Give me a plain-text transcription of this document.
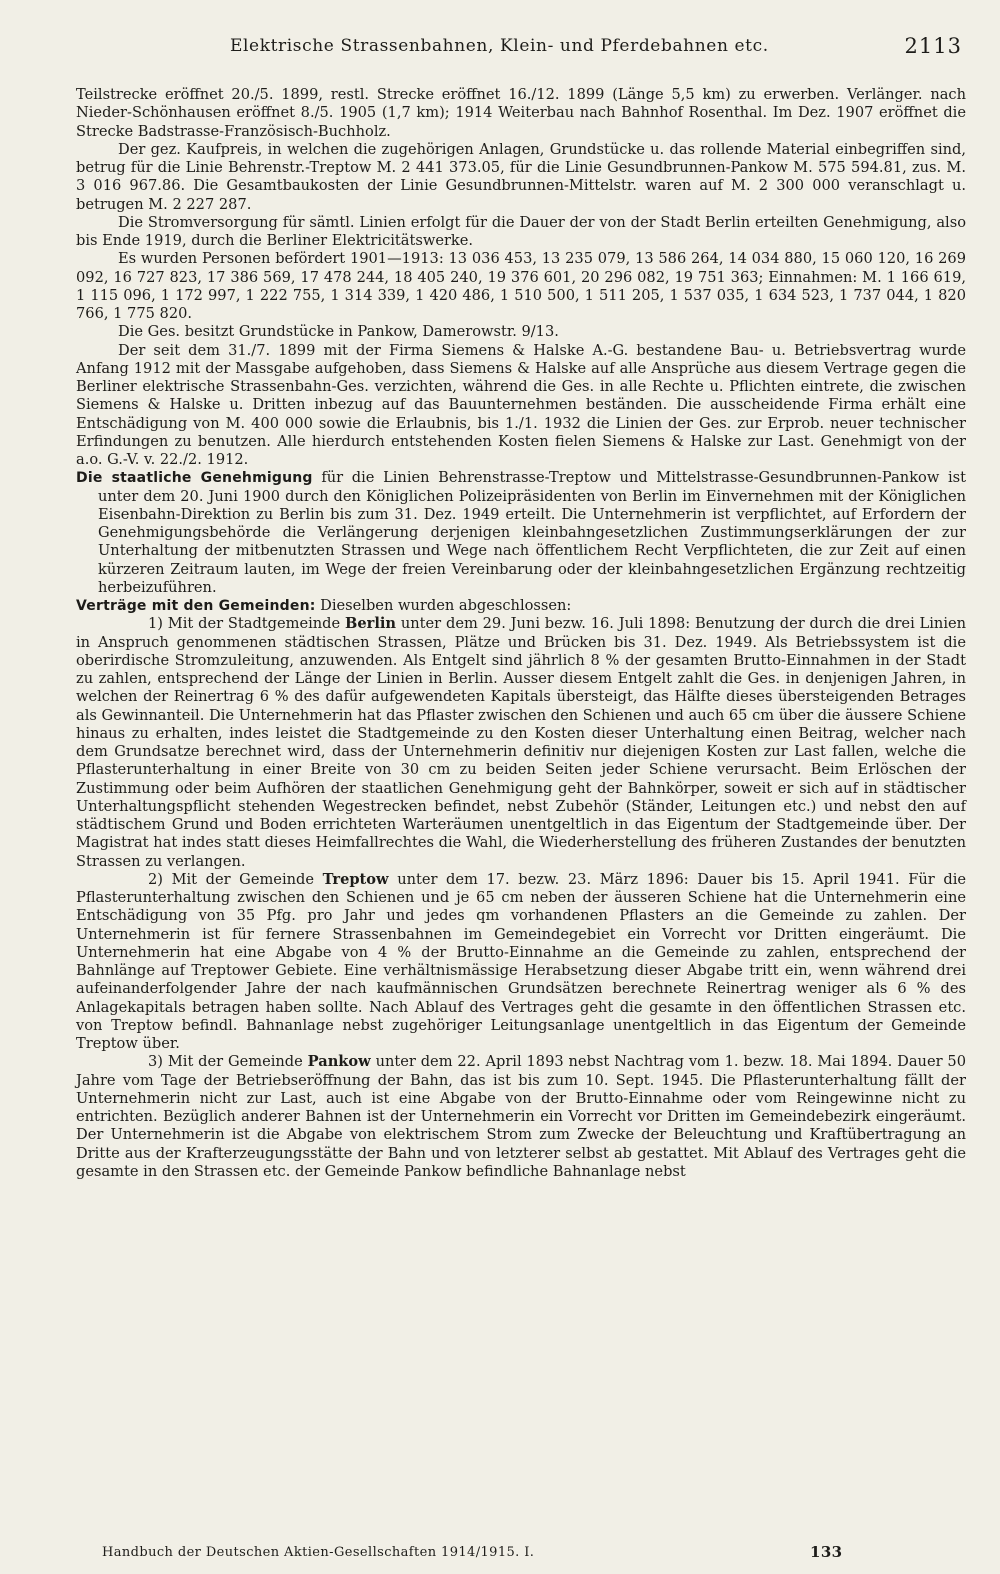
Elektrische Strassenbahnen, Klein- und Pferdebahnen etc.	2113

Teilstrecke eröffnet 20./5. 1899, restl. Strecke eröffnet 16./12. 1899 (Länge 5,5 km) zu erwerben. Verlänger. nach Nieder-Schönhausen eröffnet 8./5. 1905 (1,7 km); 1914 Weiterbau nach Bahnhof Rosenthal. Im Dez. 1907 eröffnet die Strecke Badstrasse-Französisch-Buchholz.

Der gez. Kaufpreis, in welchen die zugehörigen Anlagen, Grundstücke u. das rollende Material einbegriffen sind, betrug für die Linie Behrenstr.-Treptow M. 2 441 373.05, für die Linie Gesundbrunnen-Pankow M. 575 594.81, zus. M. 3 016 967.86. Die Gesamtbaukosten der Linie Gesundbrunnen-Mittelstr. waren auf M. 2 300 000 veranschlagt u. betrugen M. 2 227 287.

Die Stromversorgung für sämtl. Linien erfolgt für die Dauer der von der Stadt Berlin erteilten Genehmigung, also bis Ende 1919, durch die Berliner Elektricitätswerke.

Es wurden Personen befördert 1901—1913: 13 036 453, 13 235 079, 13 586 264, 14 034 880, 15 060 120, 16 269 092, 16 727 823, 17 386 569, 17 478 244, 18 405 240, 19 376 601, 20 296 082, 19 751 363; Einnahmen: M. 1 166 619, 1 115 096, 1 172 997, 1 222 755, 1 314 339, 1 420 486, 1 510 500, 1 511 205, 1 537 035, 1 634 523, 1 737 044, 1 820 766, 1 775 820.

Die Ges. besitzt Grundstücke in Pankow, Damerowstr. 9/13.

Der seit dem 31./7. 1899 mit der Firma Siemens & Halske A.-G. bestandene Bau- u. Betriebsvertrag wurde Anfang 1912 mit der Massgabe aufgehoben, dass Siemens & Halske auf alle Ansprüche aus diesem Vertrage gegen die Berliner elektrische Strassenbahn-Ges. verzichten, während die Ges. in alle Rechte u. Pflichten eintrete, die zwischen Siemens & Halske u. Dritten inbezug auf das Bauunternehmen beständen. Die ausscheidende Firma erhält eine Entschädigung von M. 400 000 sowie die Erlaubnis, bis 1./1. 1932 die Linien der Ges. zur Erprob. neuer technischer Erfindungen zu benutzen. Alle hierdurch entstehenden Kosten fielen Siemens & Halske zur Last. Genehmigt von der a.o. G.-V. v. 22./2. 1912.

Die staatliche Genehmigung für die Linien Behrenstrasse-Treptow und Mittelstrasse-Gesundbrunnen-Pankow ist unter dem 20. Juni 1900 durch den Königlichen Polizeipräsidenten von Berlin im Einvernehmen mit der Königlichen Eisenbahn-Direktion zu Berlin bis zum 31. Dez. 1949 erteilt. Die Unternehmerin ist verpflichtet, auf Erfordern der Genehmigungsbehörde die Verlängerung derjenigen kleinbahngesetzlichen Zustimmungserklärungen der zur Unterhaltung der mitbenutzten Strassen und Wege nach öffentlichem Recht Verpflichteten, die zur Zeit auf einen kürzeren Zeitraum lauten, im Wege der freien Vereinbarung oder der kleinbahngesetzlichen Ergänzung rechtzeitig herbeizuführen.

Verträge mit den Gemeinden: Dieselben wurden abgeschlossen:

1) Mit der Stadtgemeinde Berlin unter dem 29. Juni bezw. 16. Juli 1898: Benutzung der durch die drei Linien in Anspruch genommenen städtischen Strassen, Plätze und Brücken bis 31. Dez. 1949. Als Betriebssystem ist die oberirdische Stromzuleitung, anzuwenden. Als Entgelt sind jährlich 8 % der gesamten Brutto-Einnahmen in der Stadt zu zahlen, entsprechend der Länge der Linien in Berlin. Ausser diesem Entgelt zahlt die Ges. in denjenigen Jahren, in welchen der Reinertrag 6 % des dafür aufgewendeten Kapitals übersteigt, das Hälfte dieses übersteigenden Betrages als Gewinnanteil. Die Unternehmerin hat das Pflaster zwischen den Schienen und auch 65 cm über die äussere Schiene hinaus zu erhalten, indes leistet die Stadtgemeinde zu den Kosten dieser Unterhaltung einen Beitrag, welcher nach dem Grundsatze berechnet wird, dass der Unternehmerin definitiv nur diejenigen Kosten zur Last fallen, welche die Pflasterunterhaltung in einer Breite von 30 cm zu beiden Seiten jeder Schiene verursacht. Beim Erlöschen der Zustimmung oder beim Aufhören der staatlichen Genehmigung geht der Bahnkörper, soweit er sich auf in städtischer Unterhaltungspflicht stehenden Wegestrecken befindet, nebst Zubehör (Ständer, Leitungen etc.) und nebst den auf städtischem Grund und Boden errichteten Warteräumen unentgeltlich in das Eigentum der Stadtgemeinde über. Der Magistrat hat indes statt dieses Heimfallrechtes die Wahl, die Wiederherstellung des früheren Zustandes der benutzten Strassen zu verlangen.

2) Mit der Gemeinde Treptow unter dem 17. bezw. 23. März 1896: Dauer bis 15. April 1941. Für die Pflasterunterhaltung zwischen den Schienen und je 65 cm neben der äusseren Schiene hat die Unternehmerin eine Entschädigung von 35 Pfg. pro Jahr und jedes qm vorhandenen Pflasters an die Gemeinde zu zahlen. Der Unternehmerin ist für fernere Strassenbahnen im Gemeindegebiet ein Vorrecht vor Dritten eingeräumt. Die Unternehmerin hat eine Abgabe von 4 % der Brutto-Einnahme an die Gemeinde zu zahlen, entsprechend der Bahnlänge auf Treptower Gebiete. Eine verhältnismässige Herabsetzung dieser Abgabe tritt ein, wenn während drei aufeinanderfolgender Jahre der nach kaufmännischen Grundsätzen berechnete Reinertrag weniger als 6 % des Anlagekapitals betragen haben sollte. Nach Ablauf des Vertrages geht die gesamte in den öffentlichen Strassen etc. von Treptow befindl. Bahnanlage nebst zugehöriger Leitungsanlage unentgeltlich in das Eigentum der Gemeinde Treptow über.

3) Mit der Gemeinde Pankow unter dem 22. April 1893 nebst Nachtrag vom 1. bezw. 18. Mai 1894. Dauer 50 Jahre vom Tage der Betriebseröffnung der Bahn, das ist bis zum 10. Sept. 1945. Die Pflasterunterhaltung fällt der Unternehmerin nicht zur Last, auch ist eine Abgabe von der Brutto-Einnahme oder vom Reingewinne nicht zu entrichten. Bezüglich anderer Bahnen ist der Unternehmerin ein Vorrecht vor Dritten im Gemeindebezirk eingeräumt. Der Unternehmerin ist die Abgabe von elektrischem Strom zum Zwecke der Beleuchtung und Kraftübertragung an Dritte aus der Krafterzeugungsstätte der Bahn und von letzterer selbst ab gestattet. Mit Ablauf des Vertrages geht die gesamte in den Strassen etc. der Gemeinde Pankow befindliche Bahnanlage nebst

Handbuch der Deutschen Aktien-Gesellschaften 1914/1915. I.	133
